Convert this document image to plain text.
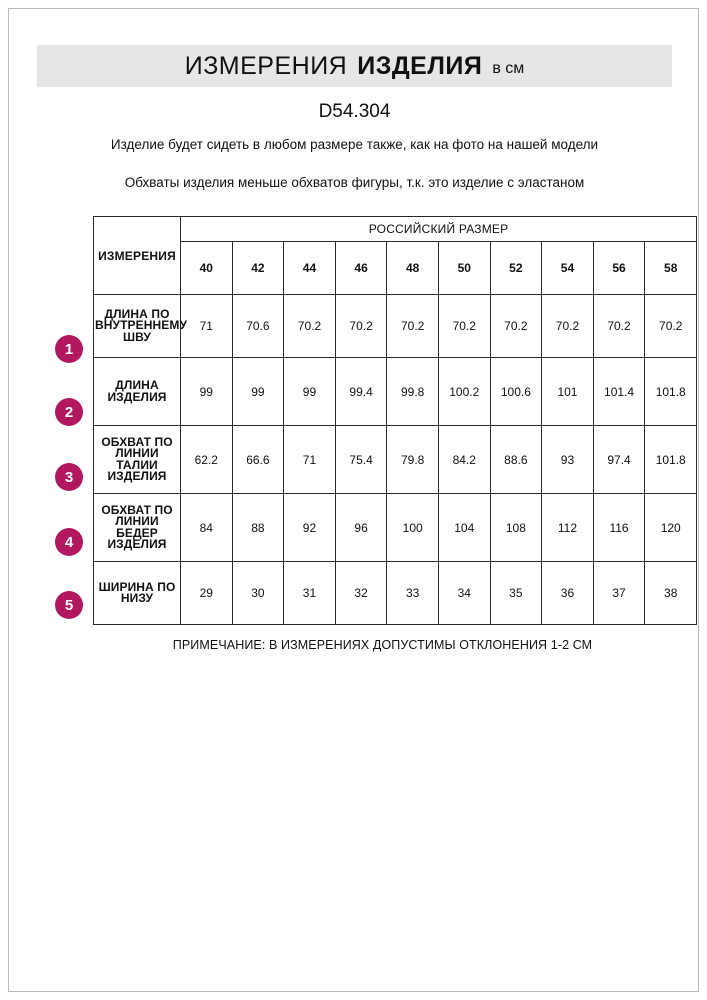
ИЗМЕРЕНИЯ ИЗДЕЛИЯ в см
D54.304
Изделие будет сидеть в любом размере также, как на фото на нашей модели
Обхваты изделия меньше обхватов фигуры, т.к. это изделие с эластаном
1
2
3
4
5
ИЗМЕРЕНИЯ	РОССИЙСКИЙ РАЗМЕР									
	40	42	44	46	48	50	52	54	56	58
ДЛИНА ПО ВНУТРЕННЕМУ ШВУ	71	70.6	70.2	70.2	70.2	70.2	70.2	70.2	70.2	70.2
ДЛИНА ИЗДЕЛИЯ	99	99	99	99.4	99.8	100.2	100.6	101	101.4	101.8
ОБХВАТ ПО ЛИНИИ ТАЛИИ ИЗДЕЛИЯ	62.2	66.6	71	75.4	79.8	84.2	88.6	93	97.4	101.8
ОБХВАТ ПО ЛИНИИ БЕДЕР ИЗДЕЛИЯ	84	88	92	96	100	104	108	112	116	120
ШИРИНА ПО НИЗУ	29	30	31	32	33	34	35	36	37	38
ПРИМЕЧАНИЕ: В ИЗМЕРЕНИЯХ ДОПУСТИМЫ ОТКЛОНЕНИЯ 1-2 СМ
